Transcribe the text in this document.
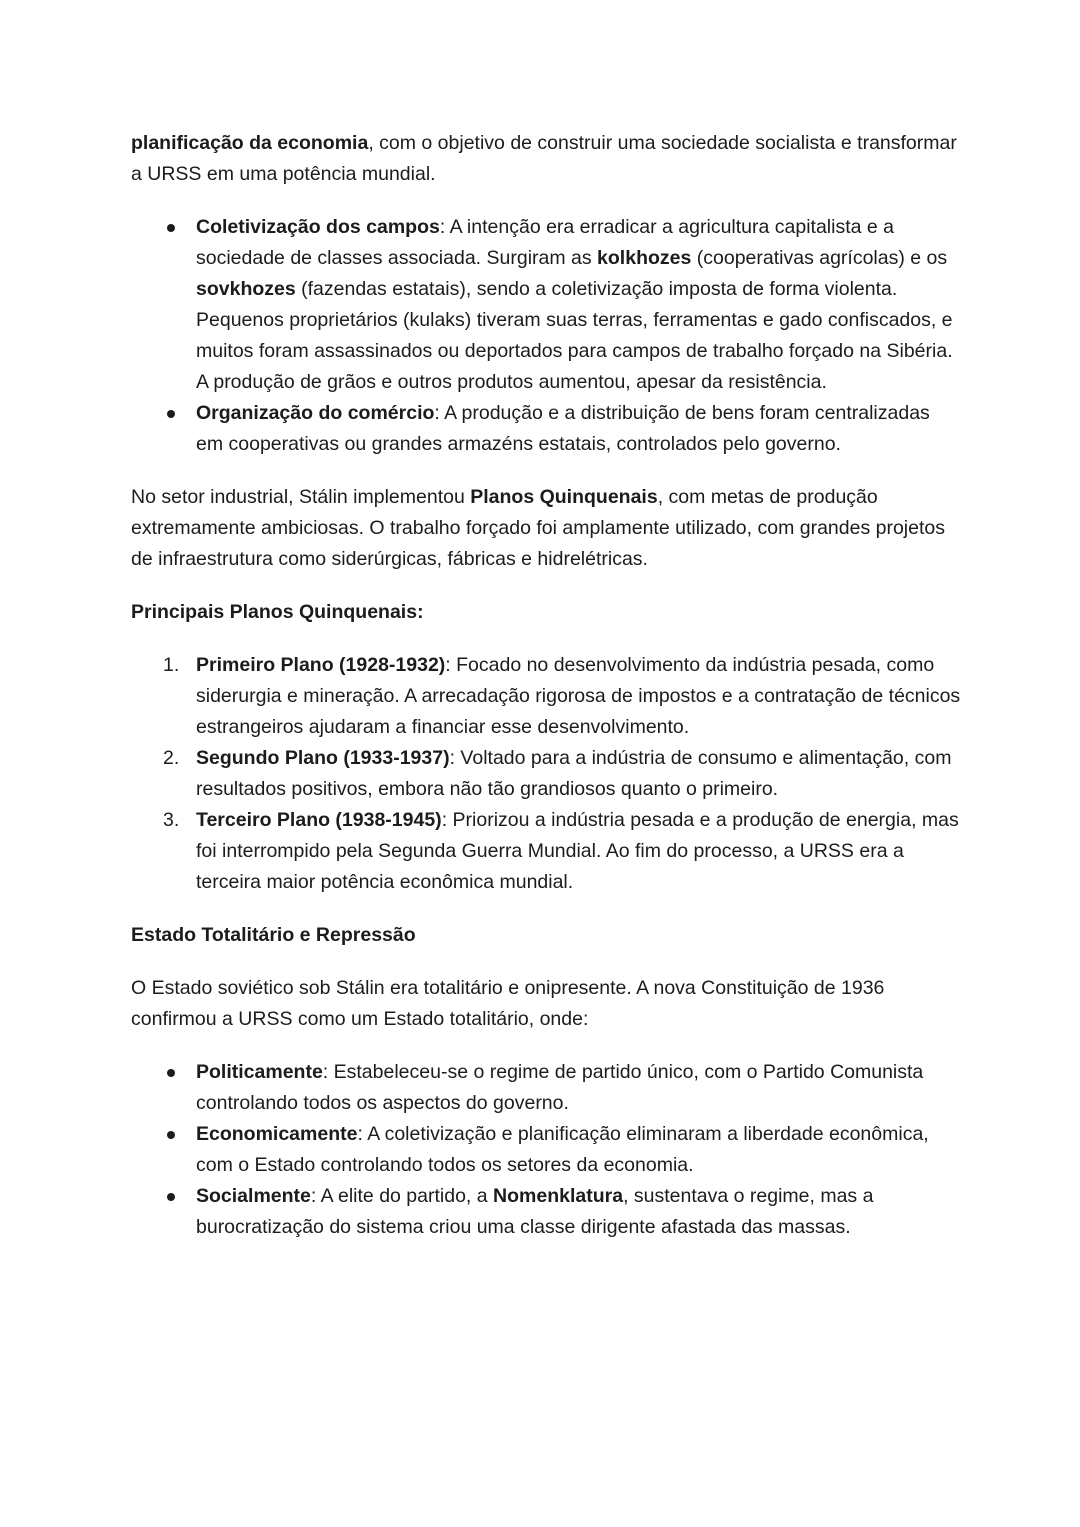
planificação da economia, com o objetivo de construir uma sociedade socialista e transformar a URSS em uma potência mundial.

Coletivização dos campos: A intenção era erradicar a agricultura capitalista e a sociedade de classes associada. Surgiram as kolkhozes (cooperativas agrícolas) e os sovkhozes (fazendas estatais), sendo a coletivização imposta de forma violenta. Pequenos proprietários (kulaks) tiveram suas terras, ferramentas e gado confiscados, e muitos foram assassinados ou deportados para campos de trabalho forçado na Sibéria. A produção de grãos e outros produtos aumentou, apesar da resistência.
Organização do comércio: A produção e a distribuição de bens foram centralizadas em cooperativas ou grandes armazéns estatais, controlados pelo governo.

No setor industrial, Stálin implementou Planos Quinquenais, com metas de produção extremamente ambiciosas. O trabalho forçado foi amplamente utilizado, com grandes projetos de infraestrutura como siderúrgicas, fábricas e hidrelétricas.

Principais Planos Quinquenais:

1. Primeiro Plano (1928-1932): Focado no desenvolvimento da indústria pesada, como siderurgia e mineração. A arrecadação rigorosa de impostos e a contratação de técnicos estrangeiros ajudaram a financiar esse desenvolvimento.
2. Segundo Plano (1933-1937): Voltado para a indústria de consumo e alimentação, com resultados positivos, embora não tão grandiosos quanto o primeiro.
3. Terceiro Plano (1938-1945): Priorizou a indústria pesada e a produção de energia, mas foi interrompido pela Segunda Guerra Mundial. Ao fim do processo, a URSS era a terceira maior potência econômica mundial.

Estado Totalitário e Repressão

O Estado soviético sob Stálin era totalitário e onipresente. A nova Constituição de 1936 confirmou a URSS como um Estado totalitário, onde:

Politicamente: Estabeleceu-se o regime de partido único, com o Partido Comunista controlando todos os aspectos do governo.
Economicamente: A coletivização e planificação eliminaram a liberdade econômica, com o Estado controlando todos os setores da economia.
Socialmente: A elite do partido, a Nomenklatura, sustentava o regime, mas a burocratização do sistema criou uma classe dirigente afastada das massas.
